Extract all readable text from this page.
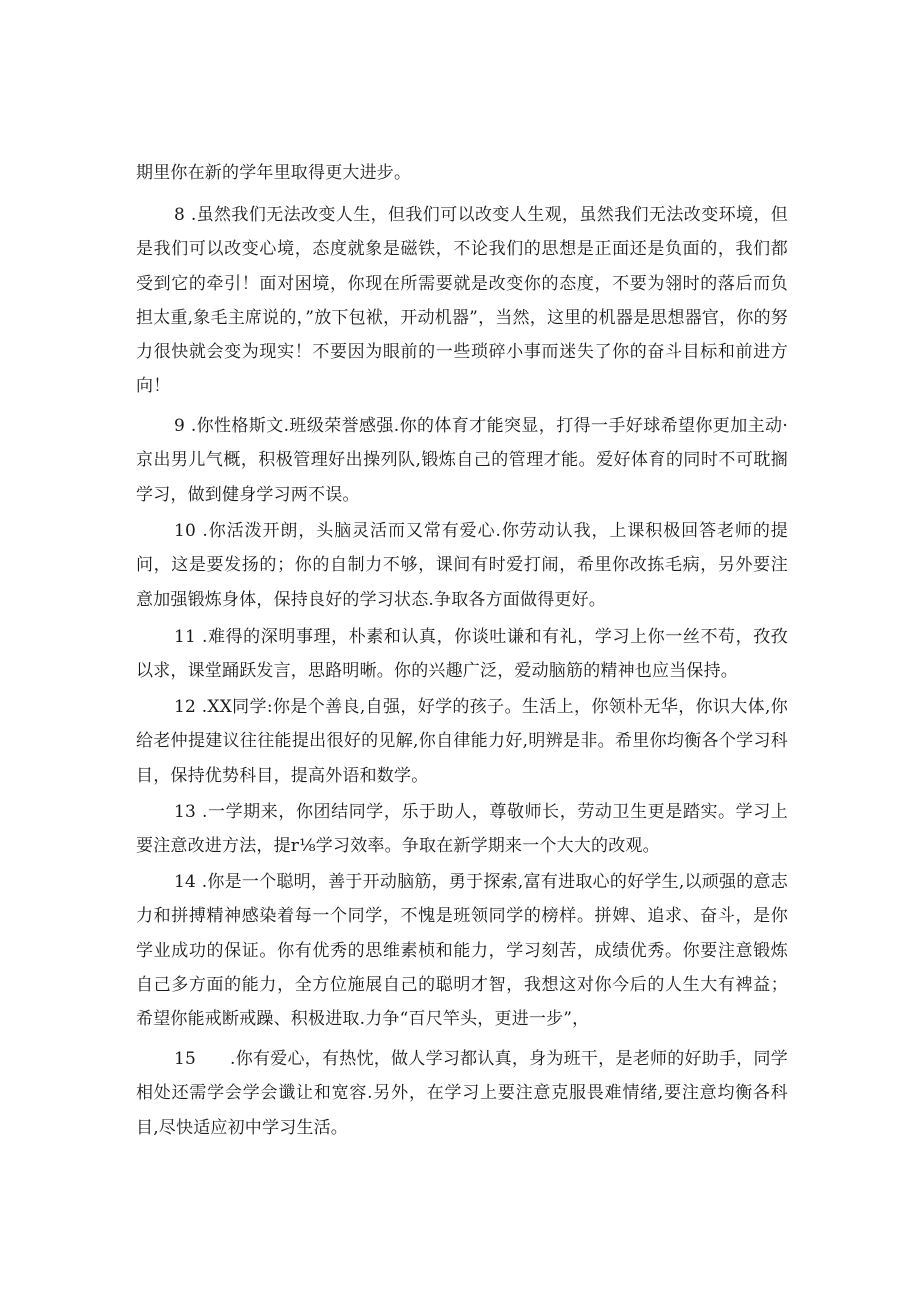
期里你在新的学年里取得更大进步。

8 .虽然我们无法改变人生，但我们可以改变人生观，虽然我们无法改变环境，但是我们可以改变心境，态度就象是磁铁，不论我们的思想是正面还是负面的，我们都受到它的牵引！面对困境，你现在所需要就是改变你的态度，不要为翎时的落后而负担太重,象毛主席说的，”放下包袱，开动机器”，当然，这里的机器是思想器官，你的努力很快就会变为现实！不要因为眼前的一些琐碎小事而迷失了你的奋斗目标和前进方向！

9 .你性格斯文.班级荣誉感强.你的体育才能突显，打得一手好球希望你更加主动·京出男儿气概，积极管理好出操列队,锻炼自己的管理才能。爱好体育的同时不可耽搁学习，做到健身学习两不误。

10 .你活泼开朗，头脑灵活而又常有爱心.你劳动认我，上课积极回答老师的提问，这是要发扬的；你的自制力不够，课间有时爱打闹，希里你改拣毛病，另外要注意加强锻炼身体，保持良好的学习状态.争取各方面做得更好。

11 .难得的深明事理，朴素和认真，你谈吐谦和有礼，学习上你一丝不苟，孜孜以求，课堂踊跃发言，思路明晰。你的兴趣广泛，爱动脑筋的精神也应当保持。

12 .XX同学:你是个善良,自强，好学的孩子。生活上，你领朴无华，你识大体,你给老仲提建议往往能提出很好的见解,你自律能力好,明辨是非。希里你均衡各个学习科目，保持优势科目，提高外语和数学。

13 .一学期来，你团结同学，乐于助人，尊敬师长，劳动卫生更是踏实。学习上要注意改进方法，提r⅛学习效率。争取在新学期来一个大大的改观。

14 .你是一个聪明，善于开动脑筋，勇于探索,富有进取心的好学生,以顽强的意志力和拼搏精神感染着每一个同学，不愧是班领同学的榜样。拼婢、追求、奋斗，是你学业成功的保证。你有优秀的思维素桢和能力，学习刻苦，成绩优秀。你要注意锻炼自己多方面的能力，全方位施展自己的聪明才智，我想这对你今后的人生大有裨益；希望你能戒断戒躁、积极进取.力争“百尺竿头，更进一步”，

15 .你有爱心，有热忱，做人学习都认真，身为班干，是老师的好助手，同学相处还需学会学会谶让和宽容.另外，在学习上要注意克服畏难情绪,要注意均衡各科目,尽快适应初中学习生活。
